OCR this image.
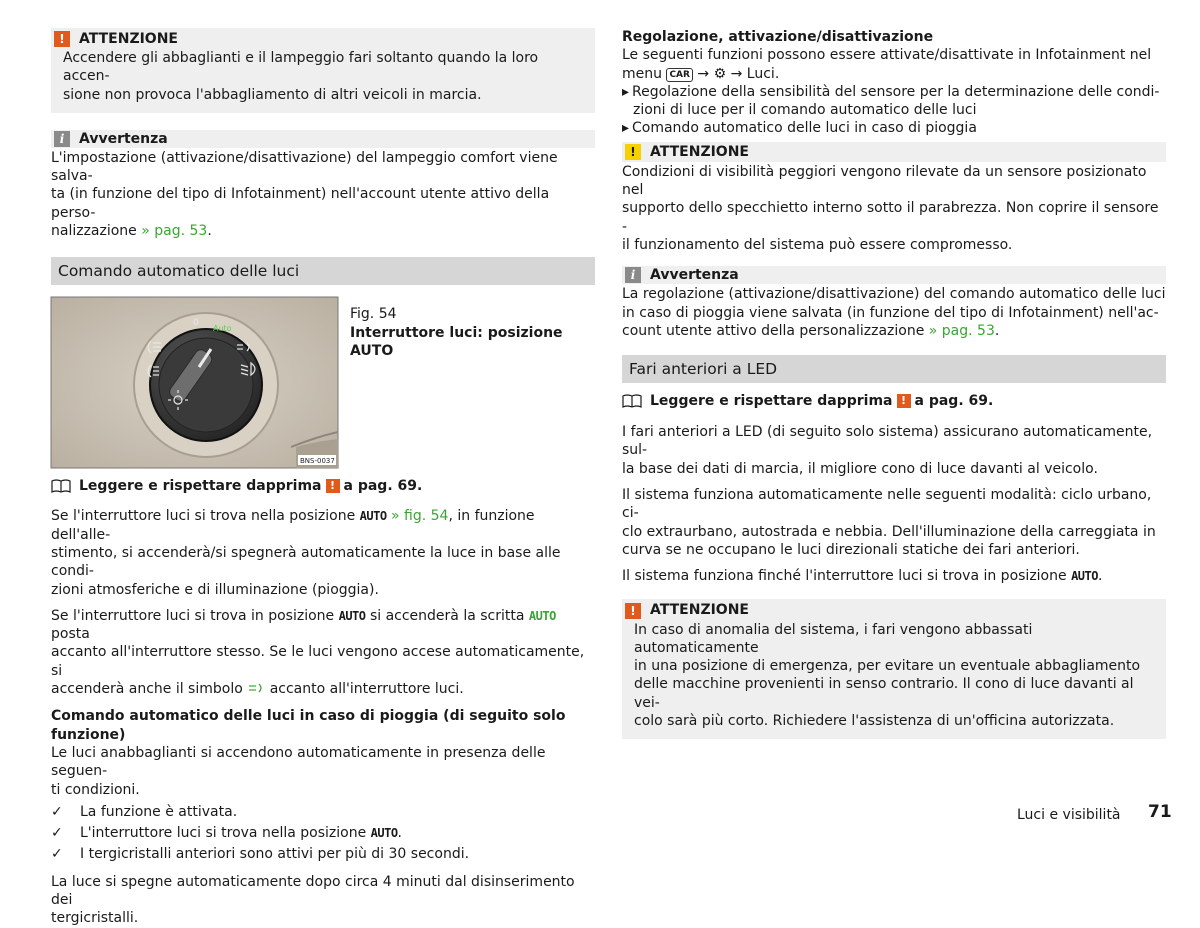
!	ATTENZIONE

Accendere gli abbaglianti e il lampeggio fari soltanto quando la loro accen-

sione non provoca l'abbagliamento di altri veicoli in marcia.

i	Avvertenza

L'impostazione (attivazione/disattivazione) del lampeggio comfort viene salva-

ta (in funzione del tipo di Infotainment) nell'account utente attivo della perso-

nalizzazione » pag. 53.

Comando automatico delle luci
0
Auto
BNS-0037

Fig. 54

Interruttore luci: posizione AUTO

Leggere e rispettare dapprima ! a pag. 69.

Se l'interruttore luci si trova nella posizione AUTO » fig. 54, in funzione dell'alle-

stimento, si accenderà/si spegnerà automaticamente la luce in base alle condi-

zioni atmosferiche e di illuminazione (pioggia).

Se l'interruttore luci si trova in posizione AUTO si accenderà la scritta AUTO posta

accanto all'interruttore stesso. Se le luci vengono accese automaticamente, si

accenderà anche il simbolo  accanto all'interruttore luci.

Comando automatico delle luci in caso di pioggia (di seguito solo funzione)

Le luci anabbaglianti si accendono automaticamente in presenza delle seguen-

ti condizioni.

✓	La funzione è attivata.
✓	L'interruttore luci si trova nella posizione AUTO.
✓	I tergicristalli anteriori sono attivi per più di 30 secondi.

La luce si spegne automaticamente dopo circa 4 minuti dal disinserimento dei

tergicristalli.

Regolazione, attivazione/disattivazione

Le seguenti funzioni possono essere attivate/disattivate in Infotainment nel

menu CAR → ⚙ → Luci.

▸ Regolazione della sensibilità del sensore per la determinazione delle condi-

zioni di luce per il comando automatico delle luci

▸ Comando automatico delle luci in caso di pioggia

!	ATTENZIONE

Condizioni di visibilità peggiori vengono rilevate da un sensore posizionato nel

supporto dello specchietto interno sotto il parabrezza. Non coprire il sensore -

il funzionamento del sistema può essere compromesso.

i	Avvertenza

La regolazione (attivazione/disattivazione) del comando automatico delle luci

in caso di pioggia viene salvata (in funzione del tipo di Infotainment) nell'ac-

count utente attivo della personalizzazione » pag. 53.

Fari anteriori a LED
Leggere e rispettare dapprima ! a pag. 69.

I fari anteriori a LED (di seguito solo sistema) assicurano automaticamente, sul-

la base dei dati di marcia, il migliore cono di luce davanti al veicolo.

Il sistema funziona automaticamente nelle seguenti modalità: ciclo urbano, ci-

clo extraurbano, autostrada e nebbia. Dell'illuminazione della carreggiata in

curva se ne occupano le luci direzionali statiche dei fari anteriori.

Il sistema funziona finché l'interruttore luci si trova in posizione AUTO.

!	ATTENZIONE

In caso di anomalia del sistema, i fari vengono abbassati automaticamente

in una posizione di emergenza, per evitare un eventuale abbagliamento

delle macchine provenienti in senso contrario. Il cono di luce davanti al vei-

colo sarà più corto. Richiedere l'assistenza di un'officina autorizzata.

Luci e visibilità 71
